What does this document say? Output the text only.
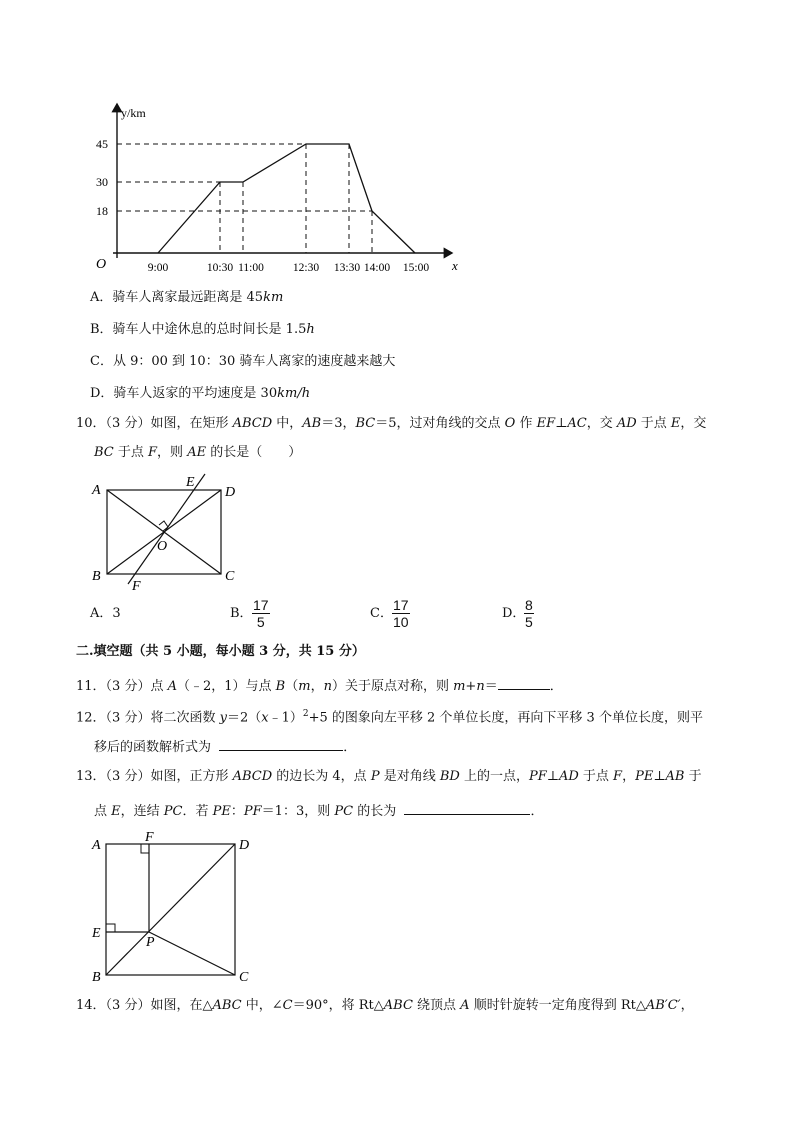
y/km
x
O
45
30
18
9:00	10:30 11:00	12:30 13:30 14:00 15:00
A．骑车人离家最远距离是 45km
B．骑车人中途休息的总时间长是 1.5h
C．从 9：00 到 10：30 骑车人离家的速度越来越大
D．骑车人返家的平均速度是 30km/h
10．（3 分）如图，在矩形 ABCD 中，AB＝3，BC＝5，过对角线的交点 O 作 EF⊥AC，交 AD 于点 E，交
BC 于点 F，则 AE 的长是（　　）
A	D
E
O
B	C
F
A．3	B． $\frac{17}{5}$	C． $\frac{17}{10}$	D．
$\frac{8}{5}$
二.填空题（共 5 小题，每小题 3 分，共 15 分）
11．（3 分）点 A（﹣2，1）与点 B（m，n）关于原点对称，则 m+n＝	．
12．（3 分）将二次函数 y＝2（x﹣1）$^2$+5 的图象向左平移 2 个单位长度，再向下平移 3 个单位长度，则平
移后的函数解析式为	．
13．（3 分）如图，正方形 ABCD 的边长为 4，点 P 是对角线 BD 上的一点，PF⊥AD 于点 F，PE⊥AB 于
点 E，连结 PC．若 PE：PF＝1：3，则 PC 的长为	．
A
F
D
E
P
B	C
14．（3 分）如图，在△ABC 中，∠C＝90°，将 Rt△ABC 绕顶点 A 顺时针旋转一定角度得到 Rt△AB′C′，
